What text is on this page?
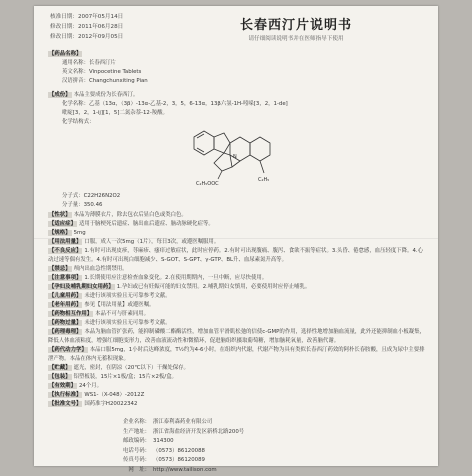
核准日期：2007年05月14日
修改日期：2011年06月28日
修改日期：2012年09月05日
长春西汀片说明书
请仔细阅读说明书并在医师指导下使用
【药品名称】
通用名称：长春西汀片
英文名称：Vinpocetine Tablets
汉语拼音：Changchunxiting Pian
【成份】 本品主要成份为长春西汀。
化学名称：乙基（13α，（3β）-13α-乙基-2，3，5，6-13α，13β六氢-1H-吲哚[3，2，1-de]
吡啶[3，2，1-ij][1，5]二氮杂萘-12-羧酸。
化学结构式：
N
C₂H₅OOC
C₂H₅
分子式：C22H26N2O2
分子量：350.46
【性状】 本品为薄膜衣片，除去包衣后显白色或类白色。
【适应症】 适用于脑梗死后遗症、脑出血后遗症、脑动脉硬化症等。
【规格】 5mg
【用法用量】 口服，成人一次5mg（1片），每日3次，或遵医嘱服用。
【不良反应】 1.有时可出现皮疹，荨麻疹、瘙痒过敏症状，此时应停药。2.有时可出现腹痛、腹泻、食欲不振等症状。3.头昏、倦怠感，血压轻度下降。4.心动过速等偶有发生。4.有时可出现白细胞减少、S-GOT、S-GPT、γ-GTP、BL升、血尿素氮升高等。
【禁忌】 颅内出血急性期禁用。
【注意事项】 1.长期使用应注意检查血象变化。2.在使用期期内，一旦中断，应尽快使用。
【孕妇及哺乳期妇女用药】 1.孕妇或已有妊娠可能的妇女禁用。2.哺乳期妇女慎用，必要使用时应停止哺乳。
【儿童用药】 未进行该项实验且无可靠参考文献。
【老年用药】 参见【用法用量】或遵医嘱。
【药物相互作用】 本品不可与肝素同用。
【药物过量】 未进行该项实验且无可靠参考文献。
【药理毒理】 本品为脑血管扩张药，能抑制磷酸二酯酶活性，增加血管平滑肌松弛的信使c-GMP的作用，选择性地增加脑血流量，此外还能抑制血小板凝集，降低人体血液粘度，增强红细胞变形力，改善血液流动性和微循环，促进脑组织摄取葡萄糖，增加脑耗氧量，改善脑代谢。
【药代动力学】 本品口服5mg，1小时后达峰浓度，T½约为4-6小时。在组织内代谢，代谢产物为具有类似长春西汀药效的阿朴长春胺酸，且成为尿中主要排泄产物。本品在体内无蓄积现象。
【贮藏】 遮光，密封，在阴凉（20℃以下）干燥处保存。
【包装】 铝塑板装，15片×1板/盒；15片×2板/盒。
【有效期】 24个月。
【执行标准】 WS1-（X-048）-2012Z
【批准文号】 国药准字H20022342
企业名称： 浙江泰利森药业有限公司
生产地址： 浙江省海盐经济开发区新桥北路200号
邮政编码： 314300
电话号码： （0573）86120088
传真号码： （0573）86120089
网　址： http://www.tailison.com
